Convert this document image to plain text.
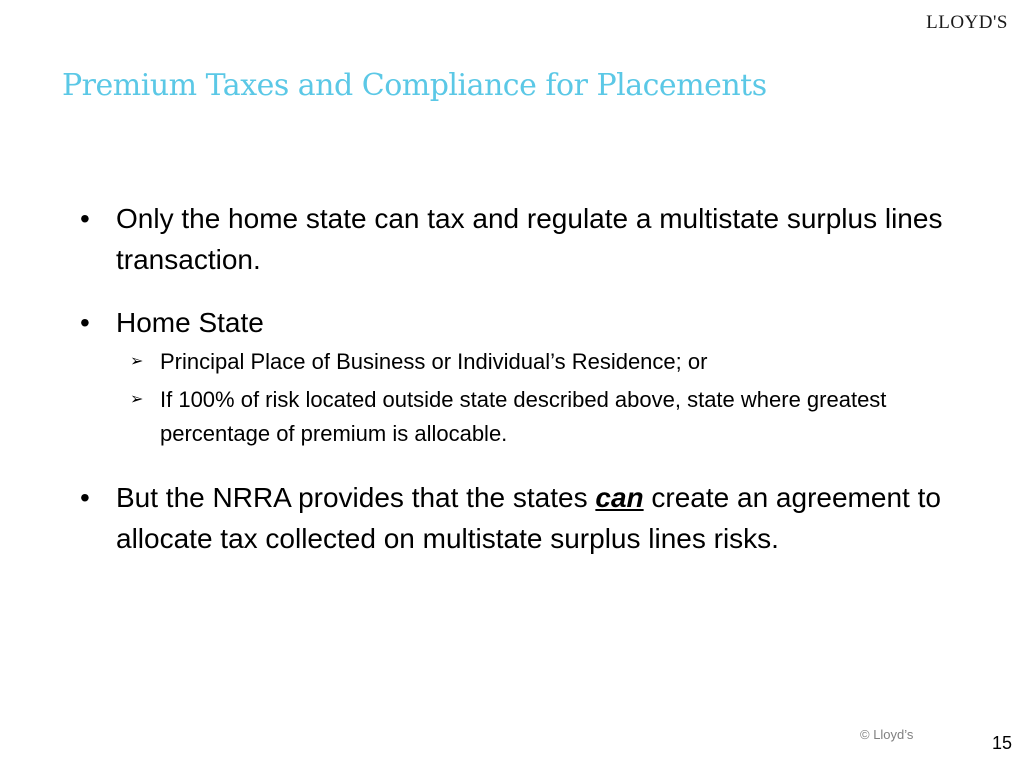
LLOYD'S
Premium Taxes and Compliance for Placements
• Only the home state can tax and regulate a multistate surplus lines transaction.
• Home State
➢ Principal Place of Business or Individual’s Residence; or
➢ If 100% of risk located outside state described above, state where greatest percentage of premium is allocable.
• But the NRRA provides that the states can create an agreement to allocate tax collected on multistate surplus lines risks.
© Lloyd’s	15
